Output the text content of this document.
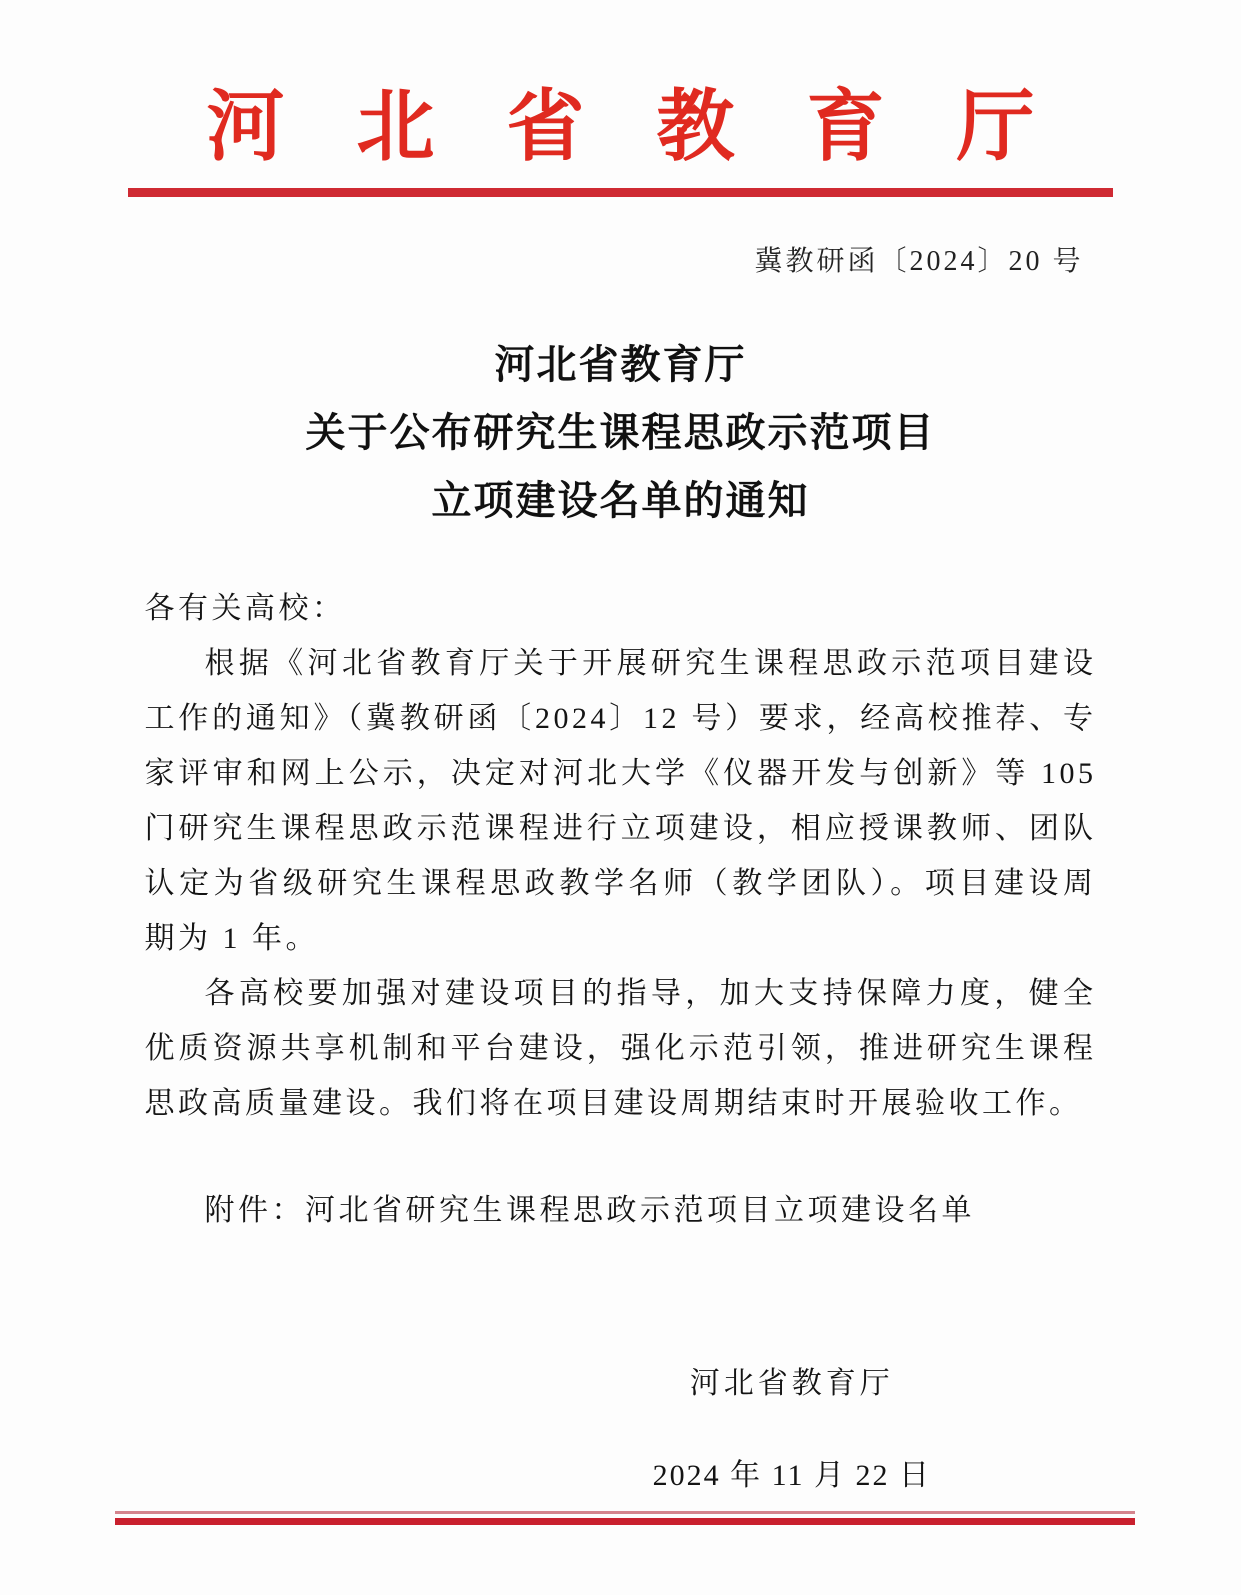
河北省教育厅
冀教研函〔2024〕20 号
河北省教育厅
关于公布研究生课程思政示范项目
立项建设名单的通知

各有关高校：

根据《河北省教育厅关于开展研究生课程思政示范项目建设工作的通知》（冀教研函〔2024〕12 号）要求，经高校推荐、专家评审和网上公示，决定对河北大学《仪器开发与创新》等 105 门研究生课程思政示范课程进行立项建设，相应授课教师、团队认定为省级研究生课程思政教学名师（教学团队）。项目建设周期为 1 年。

各高校要加强对建设项目的指导，加大支持保障力度，健全优质资源共享机制和平台建设，强化示范引领，推进研究生课程思政高质量建设。我们将在项目建设周期结束时开展验收工作。

附件：河北省研究生课程思政示范项目立项建设名单

河北省教育厅
2024 年 11 月 22 日
